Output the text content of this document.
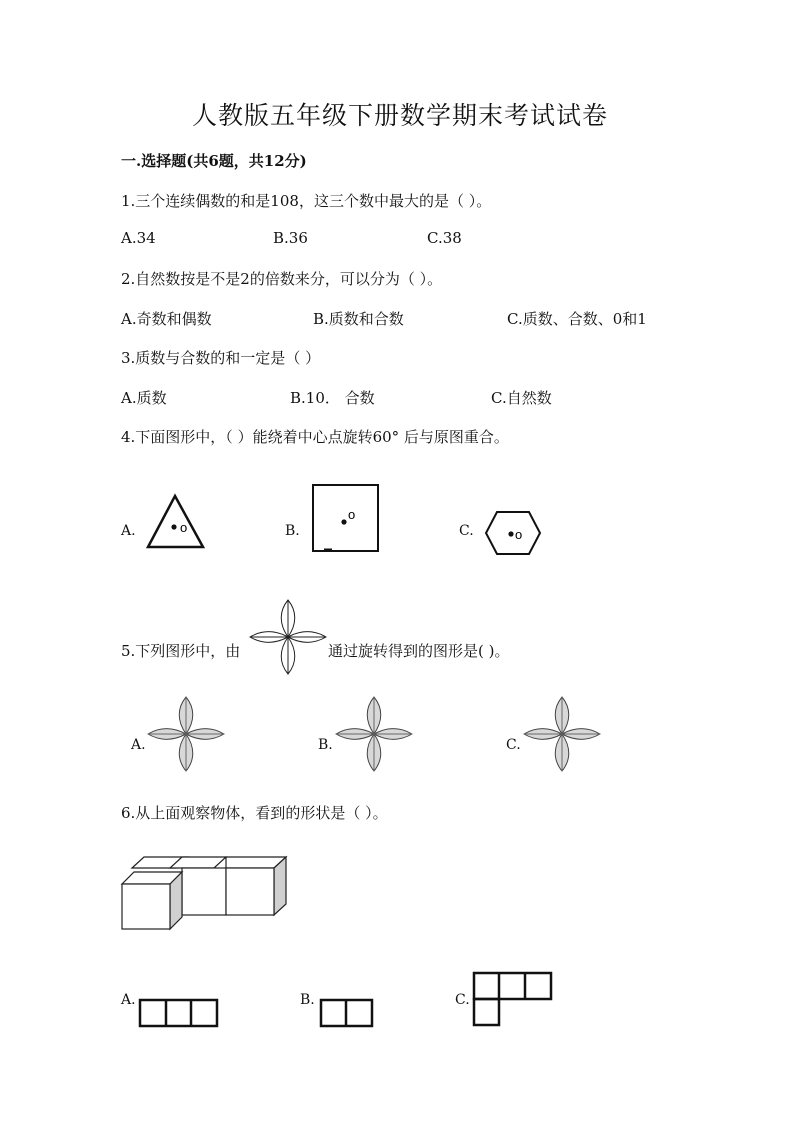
人教版五年级下册数学期末考试试卷
一.选择题(共6题，共12分)
1.三个连续偶数的和是108，这三个数中最大的是（ ）。
A.34	B.36	C.38
2.自然数按是不是2的倍数来分，可以分为（ ）。
A.奇数和偶数	B.质数和合数	C.质数、合数、0和1
3.质数与合数的和一定是（ ）
A.质数	B.10． 合数	C.自然数
4.下面图形中，（ ）能绕着中心点旋转60° 后与原图重合。
A.	o	B.
o
C.	o
5.下列图形中，由	通过旋转得到的图形是( )。
A.	B.	C.
6.从上面观察物体，看到的形状是（ ）。
A.	B.	C.
